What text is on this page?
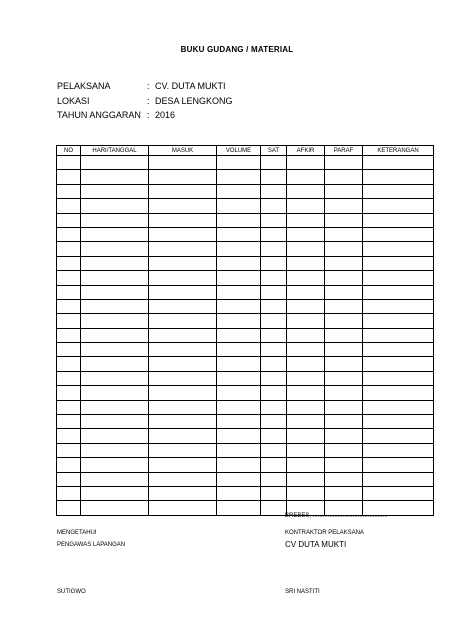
BUKU GUDANG / MATERIAL
PELAKSANA	: CV. DUTA MUKTI
LOKASI	: DESA LENGKONG
TAHUN ANGGARAN : 2016
NO	HARI/TANGGAL	MASUK	VOLUME	SAT	AFKIR	PARAF	KETERANGAN

BREBES, .............................................
MENGETAHUI
PENGAWAS LAPANGAN
KONTRAKTOR PELAKSANA
CV DUTA MUKTI
SUTIGWO	SRI NASTITI
